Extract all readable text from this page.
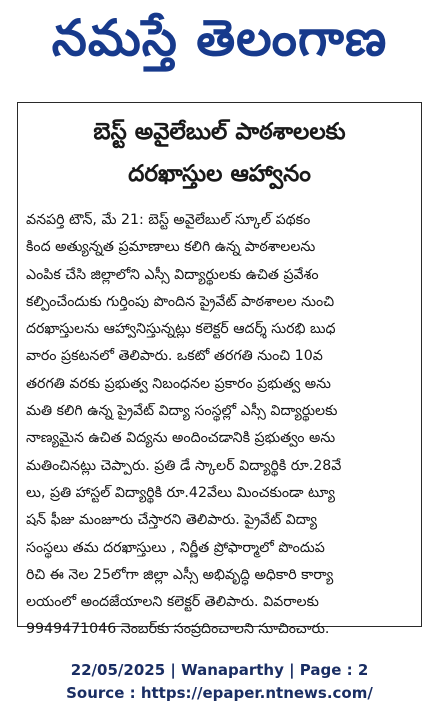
నమస్తే తెలంగాణ
బెస్ట్ అవైలేబుల్ పాఠశాలలకు
దరఖాస్తుల ఆహ్వానం
వనపర్తి టౌన్, మే 21: బెస్ట్ అవైలేబుల్ స్కూల్ పథకం
కింద అత్యున్నత ప్రమాణాలు కలిగి ఉన్న పాఠశాలలను
ఎంపిక చేసి జిల్లాలోని ఎస్సీ విద్యార్థులకు ఉచిత ప్రవేశం
కల్పించేందుకు గుర్తింపు పొందిన ప్రైవేట్ పాఠశాలల నుంచి
దరఖాస్తులను ఆహ్వానిస్తున్నట్లు కలెక్టర్ ఆదర్శ్ సురభి బుధ
వారం ప్రకటనలో తెలిపారు. ఒకటో తరగతి నుంచి 10వ
తరగతి వరకు ప్రభుత్వ నిబంధనల ప్రకారం ప్రభుత్వ అను
మతి కలిగి ఉన్న ప్రైవేట్ విద్యా సంస్థల్లో ఎస్సీ విద్యార్థులకు
నాణ్యమైన ఉచిత విద్యను అందించడానికి ప్రభుత్వం అను
మతించినట్లు చెప్పారు. ప్రతి డే స్కాలర్ విద్యార్థికి రూ.28వే
లు, ప్రతి హాస్టల్ విద్యార్థికి రూ.42వేలు మించకుండా ట్యూ
షన్ ఫీజు మంజూరు చేస్తారని తెలిపారు. ప్రైవేట్ విద్యా
సంస్థలు తమ దరఖాస్తులు , నిర్ణీత ప్రోఫార్మాలో పొందుప
రిచి ఈ నెల 25లోగా జిల్లా ఎస్సీ అభివృద్ధి అధికారి కార్యా
లయంలో అందజేయాలని కలెక్టర్ తెలిపారు. వివరాలకు
9949471046 నెంబర్‌కు సంప్రదించాలని సూచించారు.
22/05/2025 | Wanaparthy | Page : 2
Source : https://epaper.ntnews.com/
